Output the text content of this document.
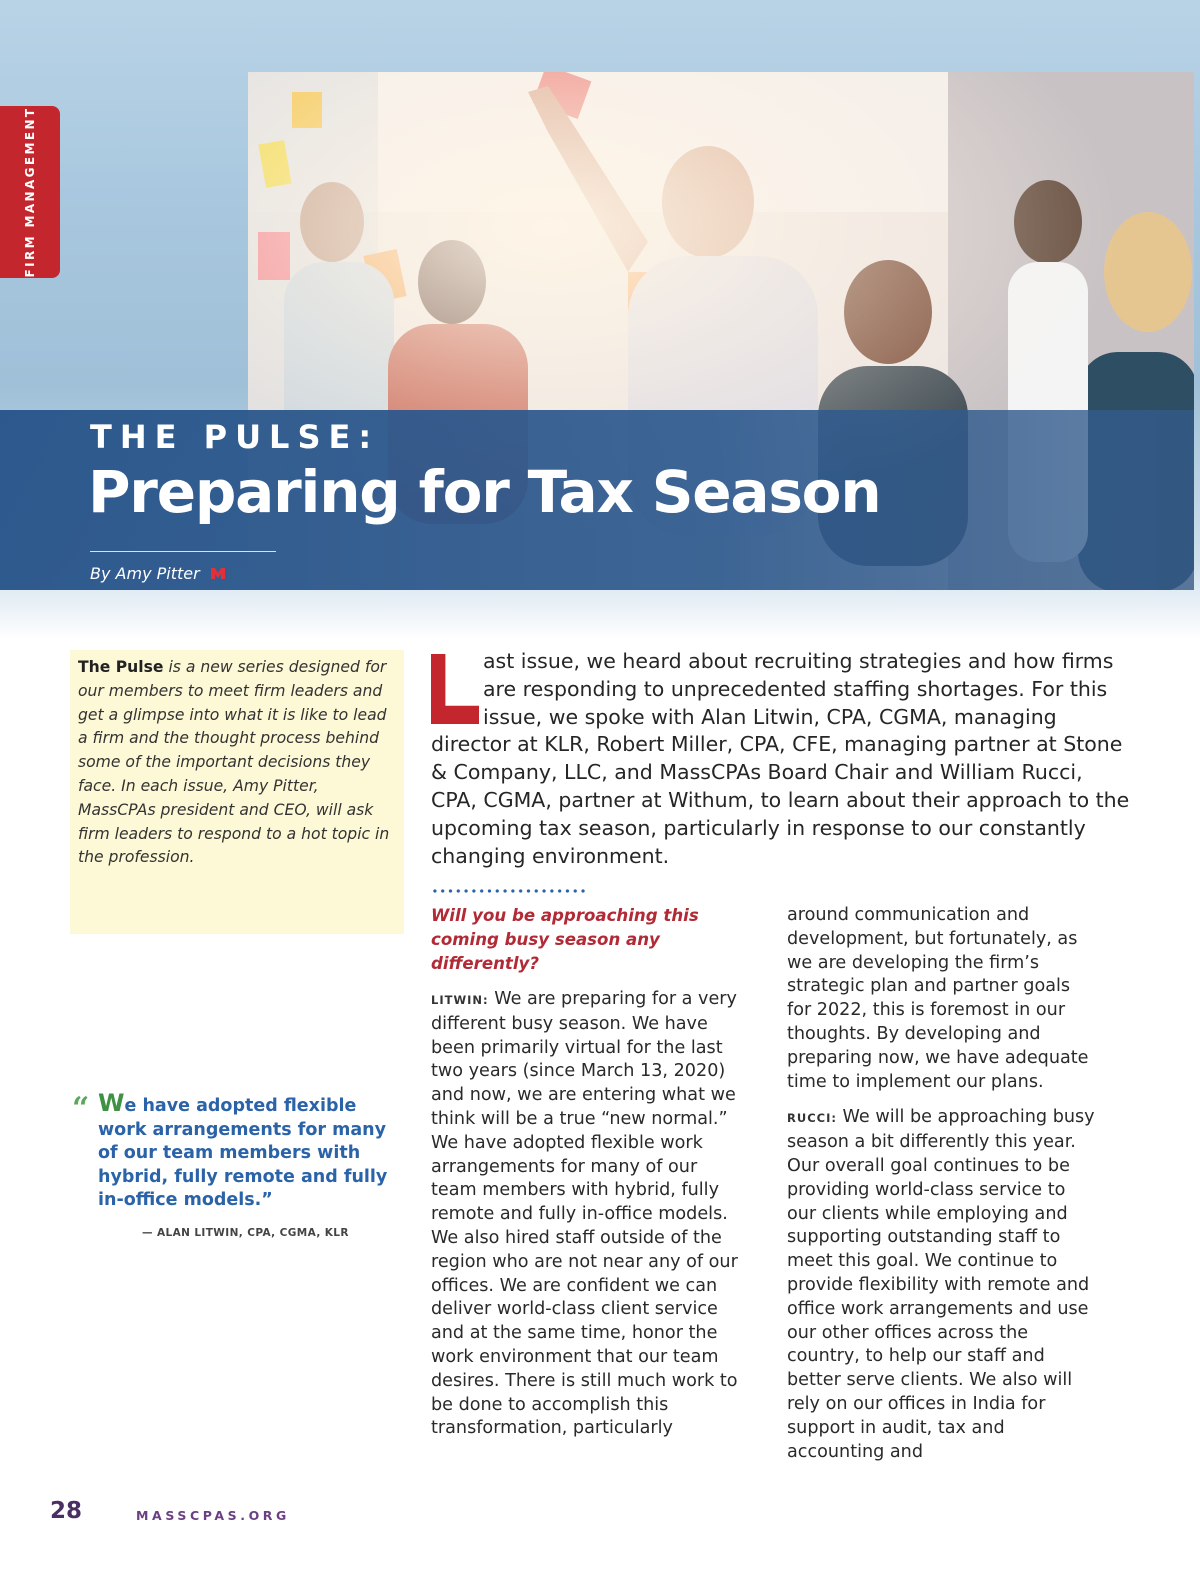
FIRM MANAGEMENT
THE PULSE:
Preparing for Tax Season
By Amy Pitter

The Pulse is a new series designed for our members to meet firm leaders and get a glimpse into what it is like to lead a firm and the thought process behind some of the important decisions they face. In each issue, Amy Pitter, MassCPAs president and CEO, will ask firm leaders to respond to a hot topic in the profession.

“ We have adopted flexible work arrangements for many of our team members with hybrid, fully remote and fully in-office models.”

— ALAN LITWIN, CPA, CGMA, KLR
ast issue, we heard about recruiting strategies and how firms are responding to unprecedented staffing shortages. For this issue, we spoke with Alan Litwin, CPA, CGMA, managing director at KLR, Robert Miller, CPA, CFE, managing partner at Stone & Company, LLC, and MassCPAs Board Chair and William Rucci, CPA, CGMA, partner at Withum, to learn about their approach to the upcoming tax season, particularly in response to our constantly changing environment.

Will you be approaching this coming busy season any differently?

LITWIN: We are preparing for a very different busy season. We have been primarily virtual for the last two years (since March 13, 2020) and now, we are entering what we think will be a true “new normal.” We have adopted flexible work arrangements for many of our team members with hybrid, fully remote and fully in-office models. We also hired staff outside of the region who are not near any of our offices. We are confident we can deliver world-class client service and at the same time, honor the work environment that our team desires. There is still much work to be done to accomplish this transformation, particularly

around communication and development, but fortunately, as we are developing the firm’s strategic plan and partner goals for 2022, this is foremost in our thoughts. By developing and preparing now, we have adequate time to implement our plans.

RUCCI: We will be approaching busy season a bit differently this year. Our overall goal continues to be providing world-class service to our clients while employing and supporting outstanding staff to meet this goal. We continue to provide flexibility with remote and office work arrangements and use our other offices across the country, to help our staff and better serve clients. We also will rely on our offices in India for support in audit, tax and accounting and

28	MASSCPAS.ORG
